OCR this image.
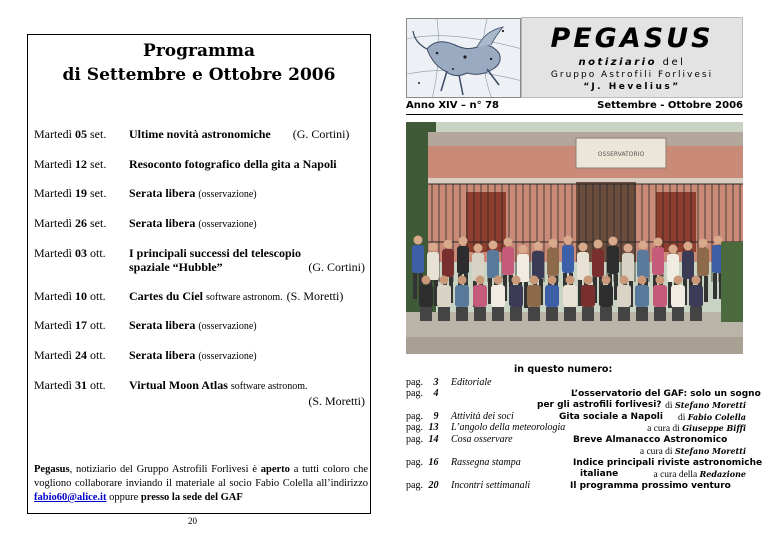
Programma
di Settembre e Ottobre 2006
Martedì 05 set.	Ultime novità astronomiche (G. Cortini)
Martedì 12 set.	Resoconto fotografico della gita a Napoli
Martedì 19 set.	Serata libera (osservazione)
Martedì 26 set.	Serata libera (osservazione)
Martedì 03 ott.	I principali successi del telescopio
spaziale “Hubble”	(G. Cortini)
Martedì 10 ott.	Cartes du Ciel software astronom. (S. Moretti)
Martedì 17 ott.	Serata libera (osservazione)
Martedì 24 ott.	Serata libera (osservazione)
Martedì 31 ott.	Virtual Moon Atlas software astronom.
(S. Moretti)
Pegasus, notiziario del Gruppo Astrofili Forlivesi è aperto a tutti coloro che vogliono collaborare inviando il materiale al socio Fabio Colella all’indirizzo fabio60@alice.it oppure presso la sede del GAF
20
PEGASUS
notiziario del
Gruppo Astrofili Forlivesi
“J. Hevelius”
Anno XIV – n° 78	Settembre - Ottobre 2006
OSSERVATORIO
in questo numero:
pag. 3	Editoriale
pag. 4	L’osservatorio del GAF: solo un sogno
per gli astrofili forlivesi? di Stefano Moretti
pag. 9	Attività dei soci	Gita sociale a Napoli di Fabio Colella
pag. 13	L’angolo della meteorologia	a cura di Giuseppe Biffi
pag. 14	Cosa osservare	Breve Almanacco Astronomico
a cura di Stefano Moretti
pag. 16	Rassegna stampa	Indice principali riviste astronomiche
italiane	a cura della Redazione
pag. 20	Incontri settimanali	Il programma prossimo venturo
